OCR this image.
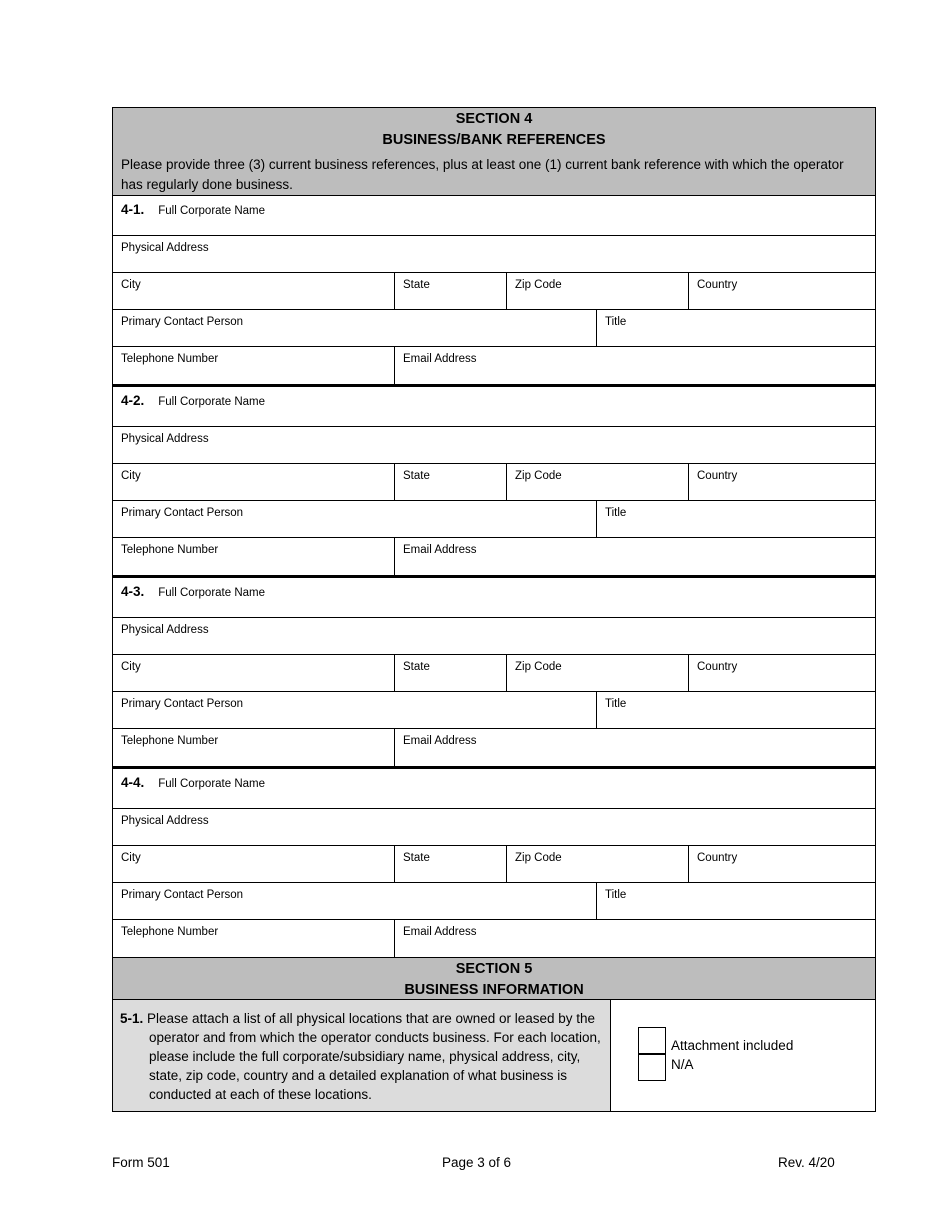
SECTION 4
BUSINESS/BANK REFERENCES
Please provide three (3) current business references, plus at least one (1) current bank reference with which the operator has regularly done business.
4-1. Full Corporate Name
Physical Address
City	State	Zip Code	Country
Primary Contact Person	Title
Telephone Number	Email Address
4-2. Full Corporate Name
Physical Address
City	State	Zip Code	Country
Primary Contact Person	Title
Telephone Number	Email Address
4-3. Full Corporate Name
Physical Address
City	State	Zip Code	Country
Primary Contact Person	Title
Telephone Number	Email Address
4-4. Full Corporate Name
Physical Address
City	State	Zip Code	Country
Primary Contact Person	Title
Telephone Number	Email Address
SECTION 5
BUSINESS INFORMATION
5-1. Please attach a list of all physical locations that are owned or leased by the operator and from which the operator conducts business. For each location, please include the full corporate/subsidiary name, physical address, city, state, zip code, country and a detailed explanation of what business is conducted at each of these locations.
Attachment included
N/A
Form 501	Page 3 of 6	Rev. 4/20
